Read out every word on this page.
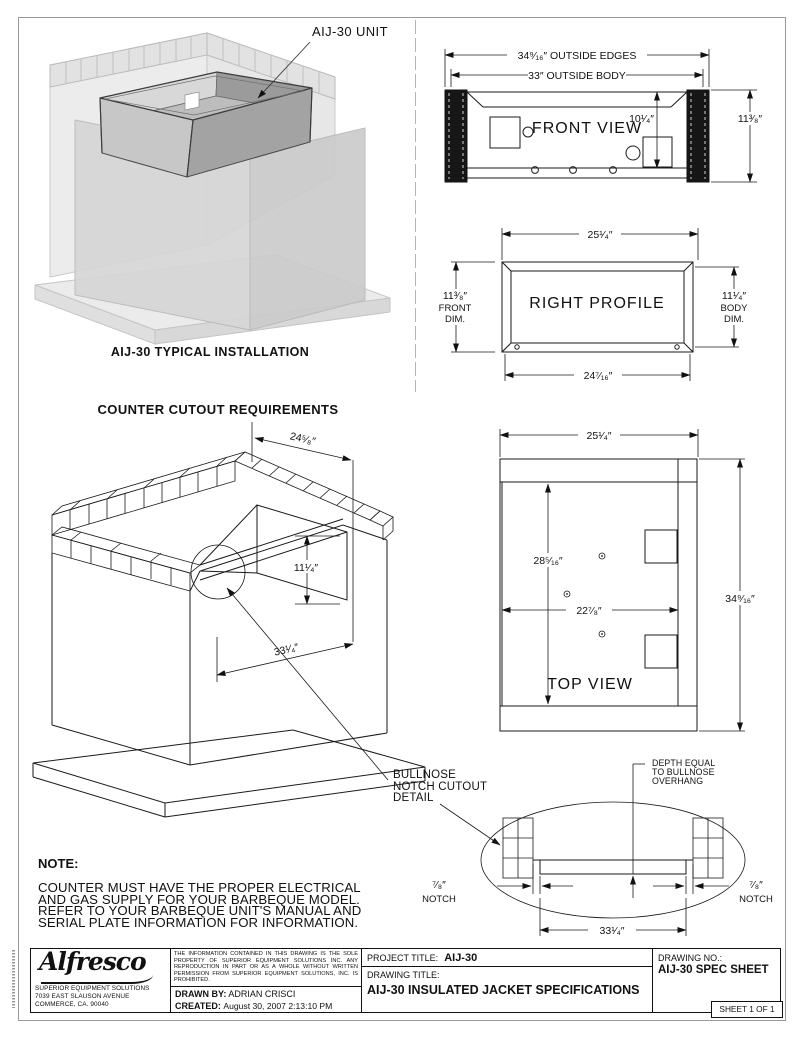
AIJ-30 UNIT
AIJ-30 TYPICAL INSTALLATION
34⁹⁄₁₆″ OUTSIDE EDGES
33″ OUTSIDE BODY
10¹⁄₄″	11³⁄₈″
FRONT VIEW
25¹⁄₄″
11³⁄₈″
FRONT
DIM.
11¹⁄₄″
BODY
DIM.
24⁷⁄₁₆″
RIGHT PROFILE
COUNTER CUTOUT REQUIREMENTS
24⁵⁄₈″
11¹⁄₄″
33¹⁄₄″
25¹⁄₄″
28⁵⁄₁₆″
22⁷⁄₈″
34⁹⁄₁₆″
TOP VIEW
⁷⁄₈″
NOTCH
⁷⁄₈″
NOTCH
33¹⁄₄″
BULLNOSE
NOTCH CUTOUT
DETAIL
DEPTH EQUAL
TO BULLNOSE
OVERHANG
NOTE:
COUNTER MUST HAVE THE PROPER ELECTRICAL
AND GAS SUPPLY FOR YOUR BARBEQUE MODEL.
REFER TO YOUR BARBEQUE UNIT'S MANUAL AND
SERIAL PLATE INFORMATION FOR INFORMATION.
Alfresco
SUPERIOR EQUIPMENT SOLUTIONS
7039 EAST SLAUSON AVENUE
COMMERCE, CA. 90040
THE INFORMATION CONTAINED IN THIS DRAWING IS THE SOLE PROPERTY OF SUPERIOR EQUIPMENT SOLUTIONS INC. ANY REPRODUCTION IN PART OR AS A WHOLE WITHOUT WRITTEN PERMISSION FROM SUPERIOR EQUIPMENT SOLUTIONS, INC. IS PROHIBITED.
DRAWN BY: ADRIAN CRISCI
CREATED: August 30, 2007 2:13:10 PM
PROJECT TITLE: AIJ-30
DRAWING TITLE:
AIJ-30 INSULATED JACKET SPECIFICATIONS
DRAWING NO.:
AIJ-30 SPEC SHEET
SHEET 1 OF 1
